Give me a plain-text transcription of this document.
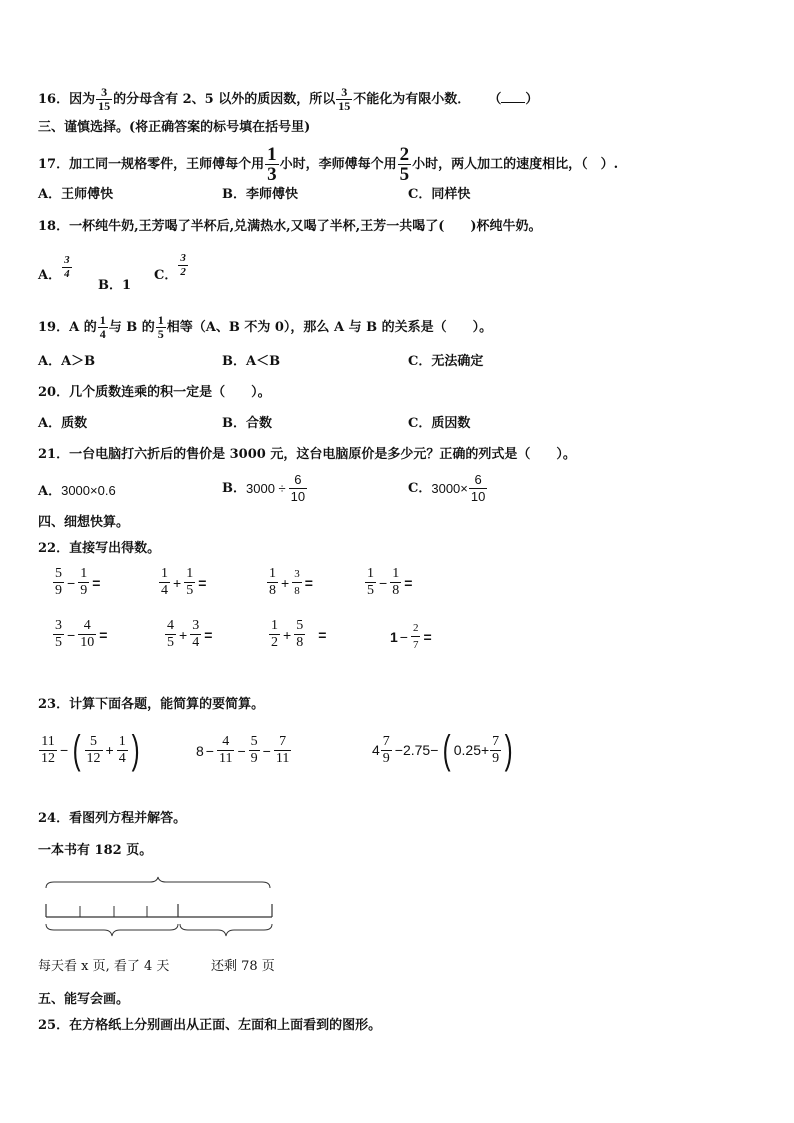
16．因为 $\frac{3}{15}$ 的分母含有 2、5 以外的质因数，所以 $\frac{3}{15}$ 不能化为有限小数． （ ）
三、谨慎选择。(将正确答案的标号填在括号里)
17．加工同一规格零件，王师傅每个用 $\frac{1}{3}$ 小时，李师傅每个用 $\frac{2}{5}$ 小时，两人加工的速度相比，（　）.
A．王师傅快	B．李师傅快	C．同样快
18．一杯纯牛奶,王芳喝了半杯后,兑满热水,又喝了半杯,王芳一共喝了(　　)杯纯牛奶。
A． $\frac{3}{4}$
B．1
C． $\frac{3}{2}$
19．A 的 $\frac{1}{4}$ 与 B 的 $\frac{1}{5}$ 相等（A、B 不为 0），那么 A 与 B 的关系是（　　）。
A．A＞B	B．A＜B	C．无法确定
20．几个质数连乘的积一定是（　　）。
A．质数	B．合数	C．质因数
21．一台电脑打六折后的售价是 3000 元，这台电脑原价是多少元？正确的列式是（　　）。
A．3000×0.6	B． $3000 \div \frac{6}{10}$	C． $3000\times \frac{6}{10}$
四、细想快算。
22．直接写出得数。
$\frac{5}{9} - \frac{1}{9}$ =	$\frac{1}{4} + \frac{1}{5}$ =	$\frac{1}{8} + \frac{3}{8}$ =	$\frac{1}{5} - \frac{1}{8}$ =
$\frac{3}{5} - \frac{4}{10}$ =	$\frac{4}{5} + \frac{3}{4}$ =	$\frac{1}{2} + \frac{5}{8}$ =	$1 - \frac{2}{7}$ =
23．计算下面各题，能简算的要简算。
$\frac{11}{12}$ − ( $\frac{5}{12} + \frac{1}{4}$ )	$8 - \frac{4}{11} - \frac{5}{9} - \frac{7}{11}$	$4 \frac{7}{9} -2.75-$ ( $0.25+ \frac{7}{9}$ )
24．看图列方程并解答。
一本书有 182 页。
每天看 x 页, 看了 4 天	还剩 78 页
五、能写会画。
25．在方格纸上分别画出从正面、左面和上面看到的图形。
